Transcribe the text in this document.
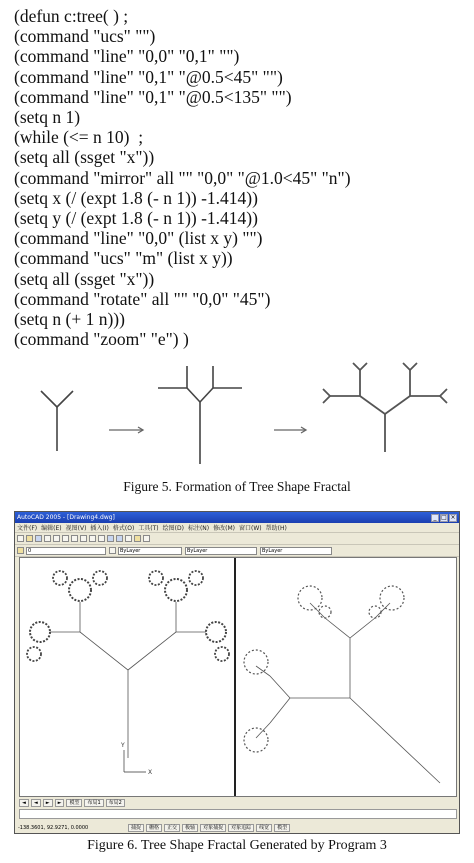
(defun c:tree( ) ;
(command "ucs" "")
(command "line" "0,0" "0,1" "")
(command "line" "0,1" "@0.5<45" "")
(command "line" "0,1" "@0.5<135" "")
(setq n 1)
(while (<= n 10)  ;
(setq all (ssget "x"))
(command "mirror" all "" "0,0" "@1.0<45" "n")
(setq x (/ (expt 1.8 (- n 1)) -1.414))
(setq y (/ (expt 1.8 (- n 1)) -1.414))
(command "line" "0,0" (list x y) "")
(command "ucs" "m" (list x y))
(setq all (ssget "x"))
(command "rotate" all "" "0,0" "45")
(setq n (+ 1 n)))
(command "zoom" "e") )
Figure 5. Formation of Tree Shape Fractal
AutoCAD 2005 - [Drawing4.dwg]	_ □ ×
文件(F) 编辑(E) 视图(V) 插入(I) 格式(O) 工具(T) 绘图(D) 标注(N) 修改(M) 窗口(W) 帮助(H)
0	ByLayer	ByLayer	ByLayer
Y
X
◄	◄	►	►	模型	布局1	布局2
-138.3601, 92.9271, 0.0000	捕捉	栅格	正交	极轴	对象捕捉	对象追踪	线宽	模型
Figure 6. Tree Shape Fractal Generated by Program 3
